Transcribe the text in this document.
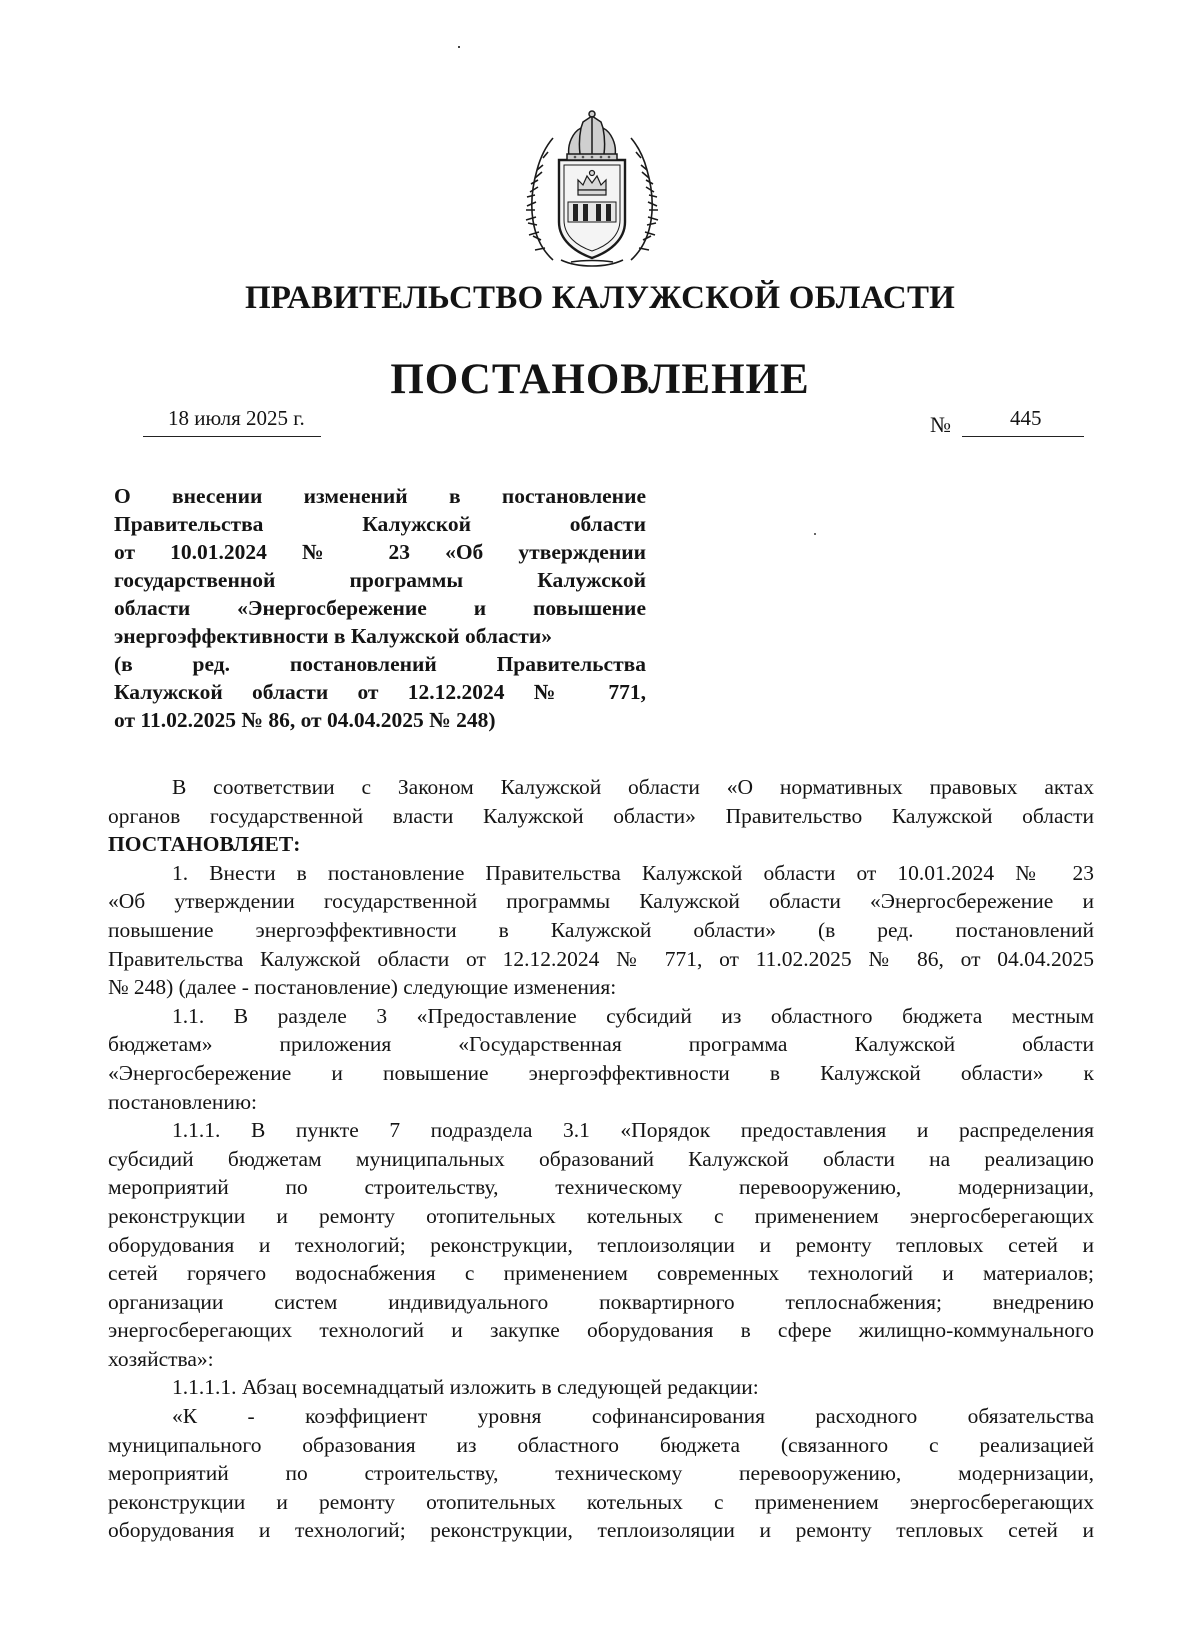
ПРАВИТЕЛЬСТВО КАЛУЖСКОЙ ОБЛАСТИ
ПОСТАНОВЛЕНИЕ
18 июля 2025 г.	№	445
О внесении изменений в постановление
Правительства Калужской области
от 10.01.2024 № 23 «Об утверждении
государственной программы Калужской
области «Энергосбережение и повышение
энергоэффективности в Калужской области»
(в ред. постановлений Правительства
Калужской области от 12.12.2024 № 771,
от 11.02.2025 № 86, от 04.04.2025 № 248)
В соответствии с Законом Калужской области «О нормативных правовых актах
органов государственной власти Калужской области» Правительство Калужской области
ПОСТАНОВЛЯЕТ:
1. Внести в постановление Правительства Калужской области от 10.01.2024 № 23
«Об утверждении государственной программы Калужской области «Энергосбережение и
повышение энергоэффективности в Калужской области» (в ред. постановлений
Правительства Калужской области от 12.12.2024 № 771, от 11.02.2025 № 86, от 04.04.2025
№ 248) (далее - постановление) следующие изменения:
1.1. В разделе 3 «Предоставление субсидий из областного бюджета местным
бюджетам» приложения «Государственная программа Калужской области
«Энергосбережение и повышение энергоэффективности в Калужской области» к
постановлению:
1.1.1. В пункте 7 подраздела 3.1 «Порядок предоставления и распределения
субсидий бюджетам муниципальных образований Калужской области на реализацию
мероприятий по строительству, техническому перевооружению, модернизации,
реконструкции и ремонту отопительных котельных с применением энергосберегающих
оборудования и технологий; реконструкции, теплоизоляции и ремонту тепловых сетей и
сетей горячего водоснабжения с применением современных технологий и материалов;
организации систем индивидуального поквартирного теплоснабжения; внедрению
энергосберегающих технологий и закупке оборудования в сфере жилищно-коммунального
хозяйства»:
1.1.1.1. Абзац восемнадцатый изложить в следующей редакции:
«К - коэффициент уровня софинансирования расходного обязательства
муниципального образования из областного бюджета (связанного с реализацией
мероприятий по строительству, техническому перевооружению, модернизации,
реконструкции и ремонту отопительных котельных с применением энергосберегающих
оборудования и технологий; реконструкции, теплоизоляции и ремонту тепловых сетей и
